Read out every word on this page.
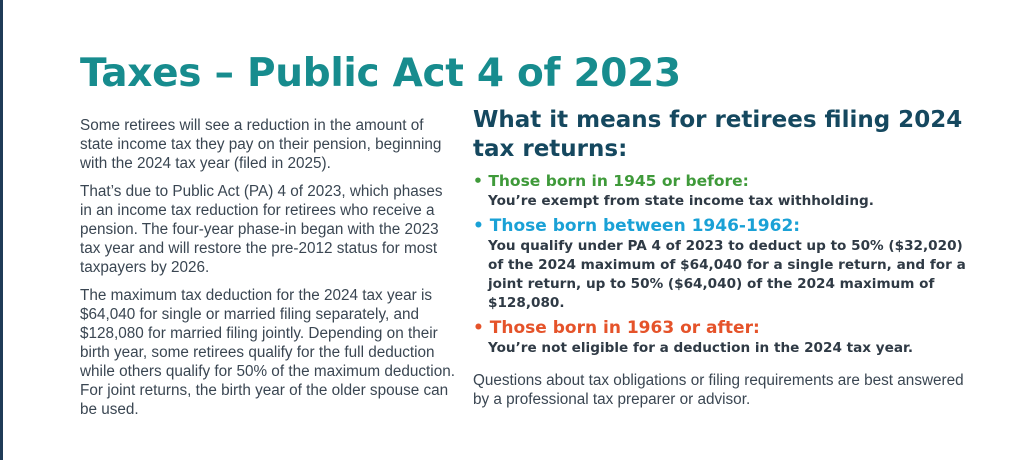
Taxes – Public Act 4 of 2023

Some retirees will see a reduction in the amount of state income tax they pay on their pension, beginning with the 2024 tax year (filed in 2025).

That’s due to Public Act (PA) 4 of 2023, which phases in an income tax reduction for retirees who receive a pension. The four-year phase-in began with the 2023 tax year and will restore the pre-2012 status for most taxpayers by 2026.

The maximum tax deduction for the 2024 tax year is $64,040 for single or married filing separately, and $128,080 for married filing jointly. Depending on their birth year, some retirees qualify for the full deduction while others qualify for 50% of the maximum deduction. For joint returns, the birth year of the older spouse can be used.

What it means for retirees filing 2024 tax returns:
• Those born in 1945 or before:
You’re exempt from state income tax withholding.
• Those born between 1946-1962:
You qualify under PA 4 of 2023 to deduct up to 50% ($32,020) of the 2024 maximum of $64,040 for a single return, and for a joint return, up to 50% ($64,040) of the 2024 maximum of $128,080.
• Those born in 1963 or after:
You’re not eligible for a deduction in the 2024 tax year.
Questions about tax obligations or filing requirements are best answered by a professional tax preparer or advisor.
